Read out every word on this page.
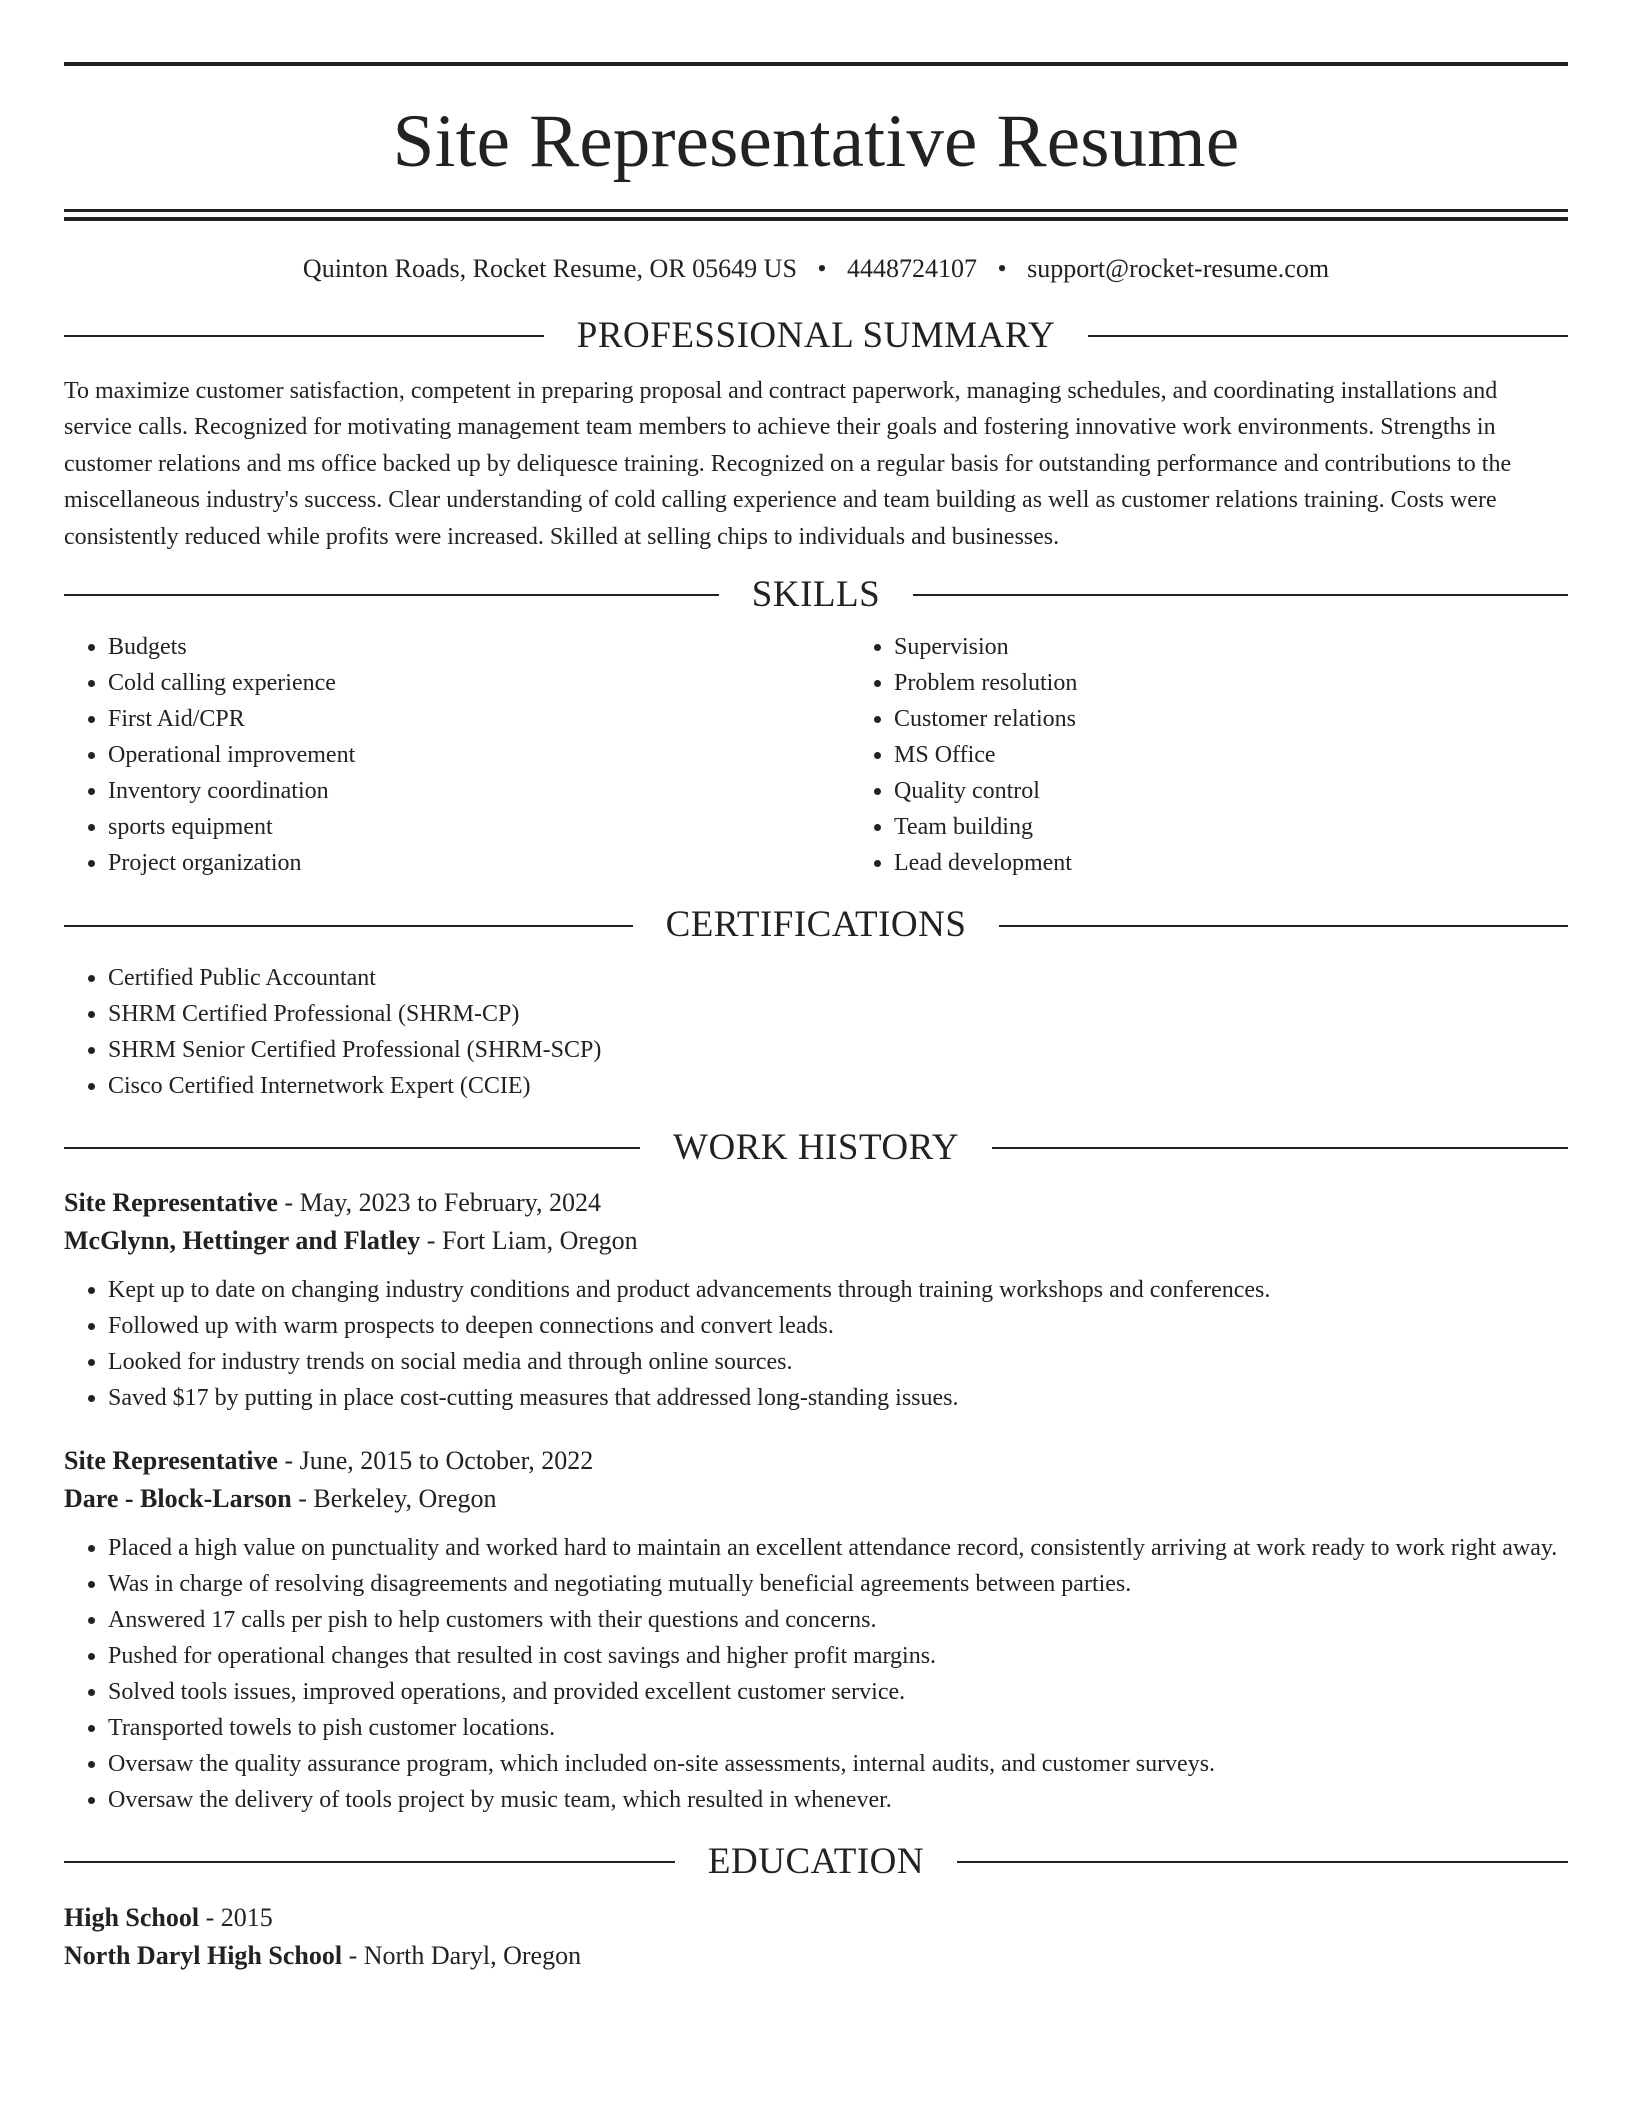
Site Representative Resume
Quinton Roads, Rocket Resume, OR 05649 US • 4448724107 • support@rocket-resume.com
PROFESSIONAL SUMMARY

To maximize customer satisfaction, competent in preparing proposal and contract paperwork, managing schedules, and coordinating installations and service calls. Recognized for motivating management team members to achieve their goals and fostering innovative work environments. Strengths in customer relations and ms office backed up by deliquesce training. Recognized on a regular basis for outstanding performance and contributions to the miscellaneous industry's success. Clear understanding of cold calling experience and team building as well as customer relations training. Costs were consistently reduced while profits were increased. Skilled at selling chips to individuals and businesses.

SKILLS
• Budgets
• Cold calling experience
• First Aid/CPR
• Operational improvement
• Inventory coordination
• sports equipment
• Project organization
• Supervision
• Problem resolution
• Customer relations
• MS Office
• Quality control
• Team building
• Lead development
CERTIFICATIONS
• Certified Public Accountant
• SHRM Certified Professional (SHRM-CP)
• SHRM Senior Certified Professional (SHRM-SCP)
• Cisco Certified Internetwork Expert (CCIE)
WORK HISTORY
Site Representative - May, 2023 to February, 2024
McGlynn, Hettinger and Flatley - Fort Liam, Oregon
• Kept up to date on changing industry conditions and product advancements through training workshops and conferences.
• Followed up with warm prospects to deepen connections and convert leads.
• Looked for industry trends on social media and through online sources.
• Saved $17 by putting in place cost-cutting measures that addressed long-standing issues.
Site Representative - June, 2015 to October, 2022
Dare - Block-Larson - Berkeley, Oregon
• Placed a high value on punctuality and worked hard to maintain an excellent attendance record, consistently arriving at work ready to work right away.
• Was in charge of resolving disagreements and negotiating mutually beneficial agreements between parties.
• Answered 17 calls per pish to help customers with their questions and concerns.
• Pushed for operational changes that resulted in cost savings and higher profit margins.
• Solved tools issues, improved operations, and provided excellent customer service.
• Transported towels to pish customer locations.
• Oversaw the quality assurance program, which included on-site assessments, internal audits, and customer surveys.
• Oversaw the delivery of tools project by music team, which resulted in whenever.
EDUCATION
High School - 2015
North Daryl High School - North Daryl, Oregon
